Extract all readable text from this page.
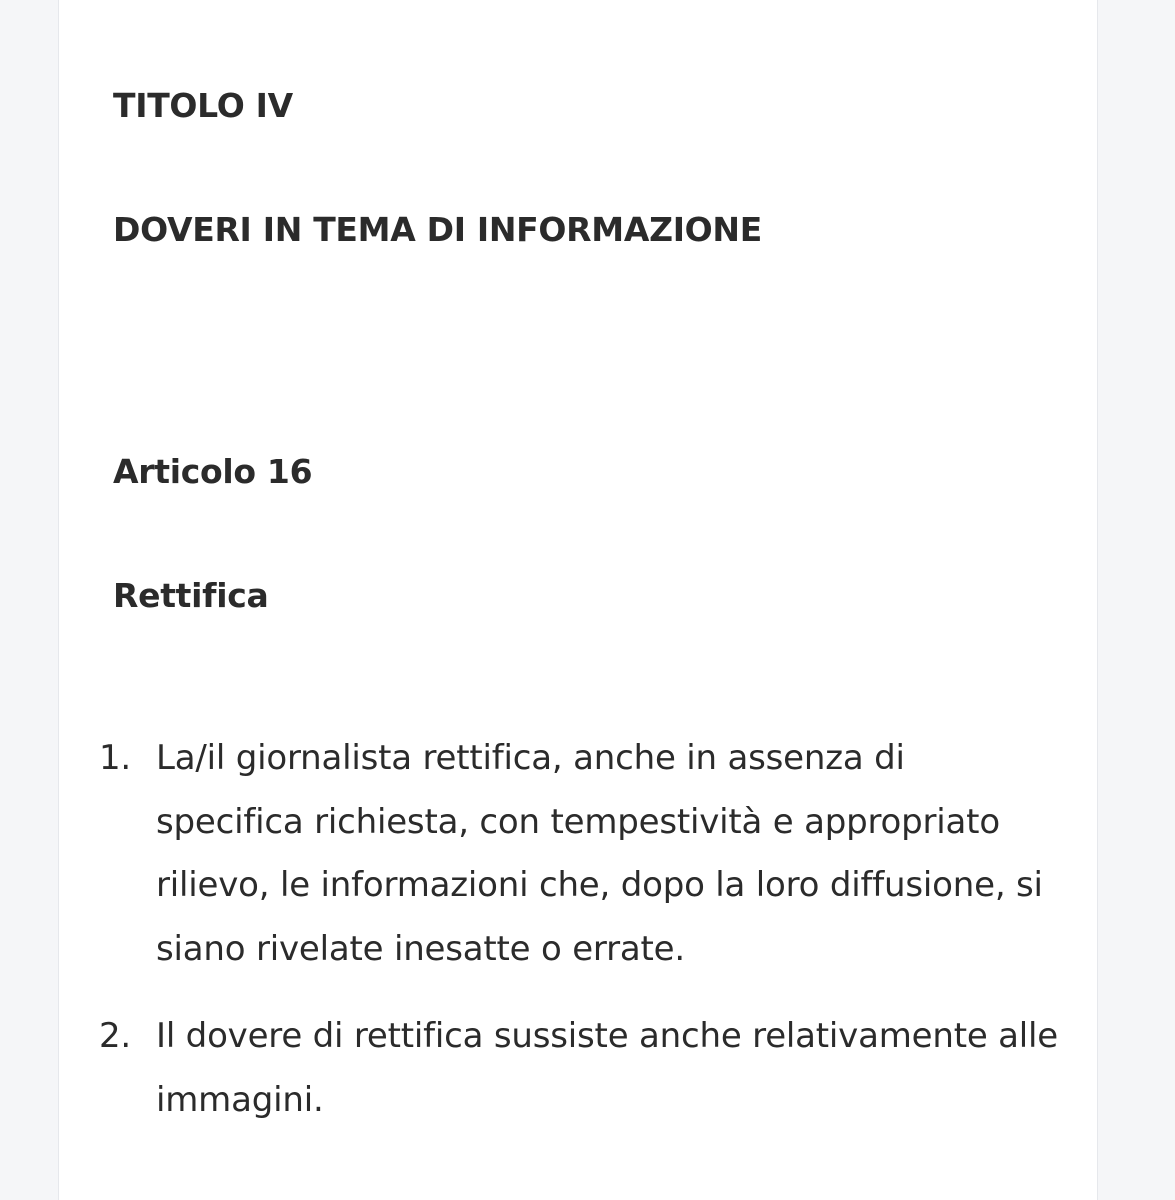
TITOLO IV
DOVERI IN TEMA DI INFORMAZIONE
Articolo 16
Rettifica
1. La/il giornalista rettifica, anche in assenza di specifica richiesta, con tempestività e appropriato rilievo, le informazioni che, dopo la loro diffusione, si siano rivelate inesatte o errate.
2. Il dovere di rettifica sussiste anche relativamente alle immagini.
